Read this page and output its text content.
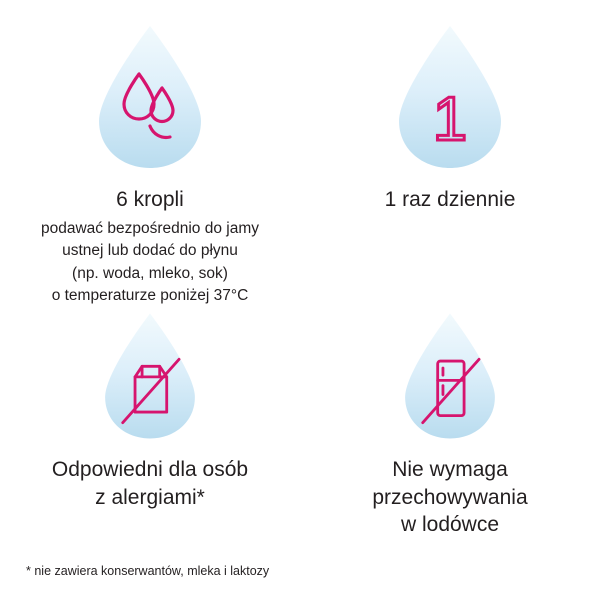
6 kropli
podawać bezpośrednio do jamy
ustnej lub dodać do płynu
(np. woda, mleko, sok)
o temperaturze poniżej 37°C
1
1 raz dziennie
Odpowiedni dla osób
z alergiami*
Nie wymaga
przechowywania
w lodówce
* nie zawiera konserwantów, mleka i laktozy
